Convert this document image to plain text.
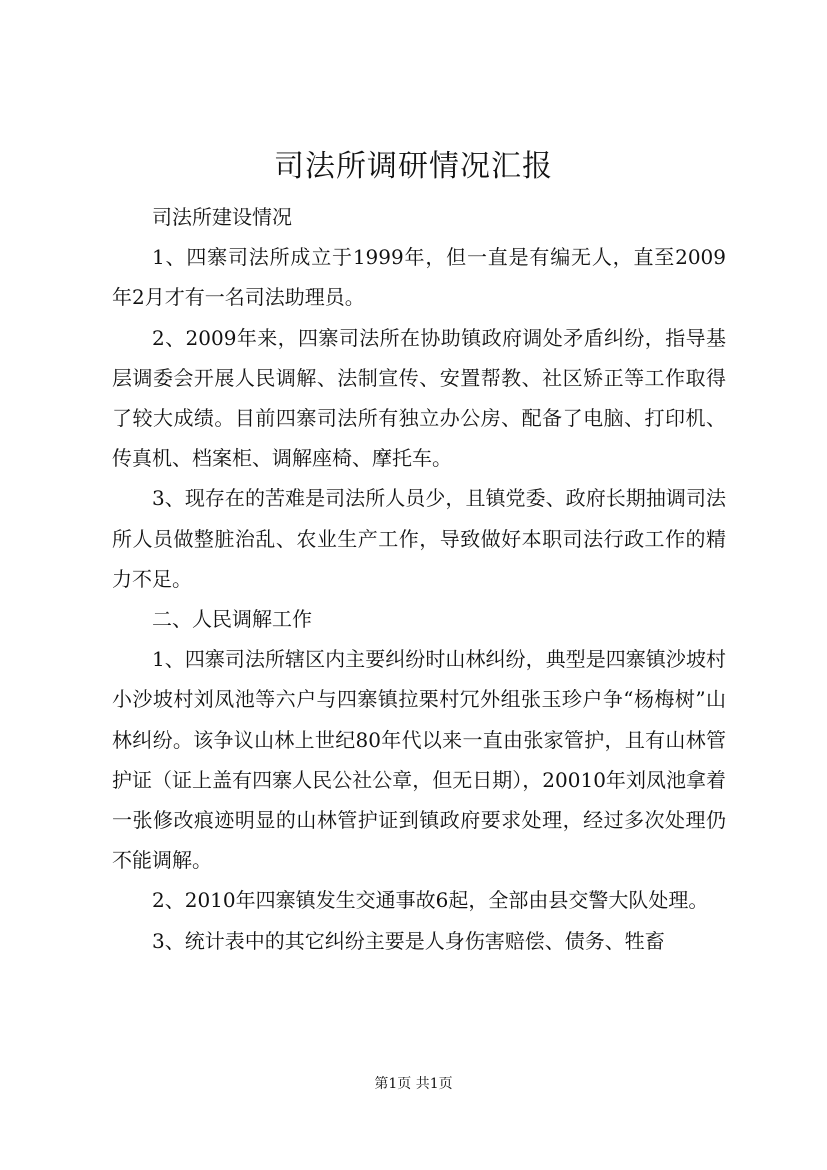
司法所调研情况汇报

司法所建设情况

1、四寨司法所成立于1999年，但一直是有编无人，直至2009年2月才有一名司法助理员。

2、2009年来，四寨司法所在协助镇政府调处矛盾纠纷，指导基层调委会开展人民调解、法制宣传、安置帮教、社区矫正等工作取得了较大成绩。目前四寨司法所有独立办公房、配备了电脑、打印机、传真机、档案柜、调解座椅、摩托车。

3、现存在的苦难是司法所人员少，且镇党委、政府长期抽调司法所人员做整脏治乱、农业生产工作，导致做好本职司法行政工作的精力不足。

二、人民调解工作

1、四寨司法所辖区内主要纠纷时山林纠纷，典型是四寨镇沙坡村小沙坡村刘凤池等六户与四寨镇拉栗村冗外组张玉珍户争“杨梅树”山林纠纷。该争议山林上世纪80年代以来一直由张家管护，且有山林管护证（证上盖有四寨人民公社公章，但无日期），20010年刘凤池拿着一张修改痕迹明显的山林管护证到镇政府要求处理，经过多次处理仍不能调解。

2、2010年四寨镇发生交通事故6起，全部由县交警大队处理。

3、统计表中的其它纠纷主要是人身伤害赔偿、债务、牲畜

第1页 共1页
